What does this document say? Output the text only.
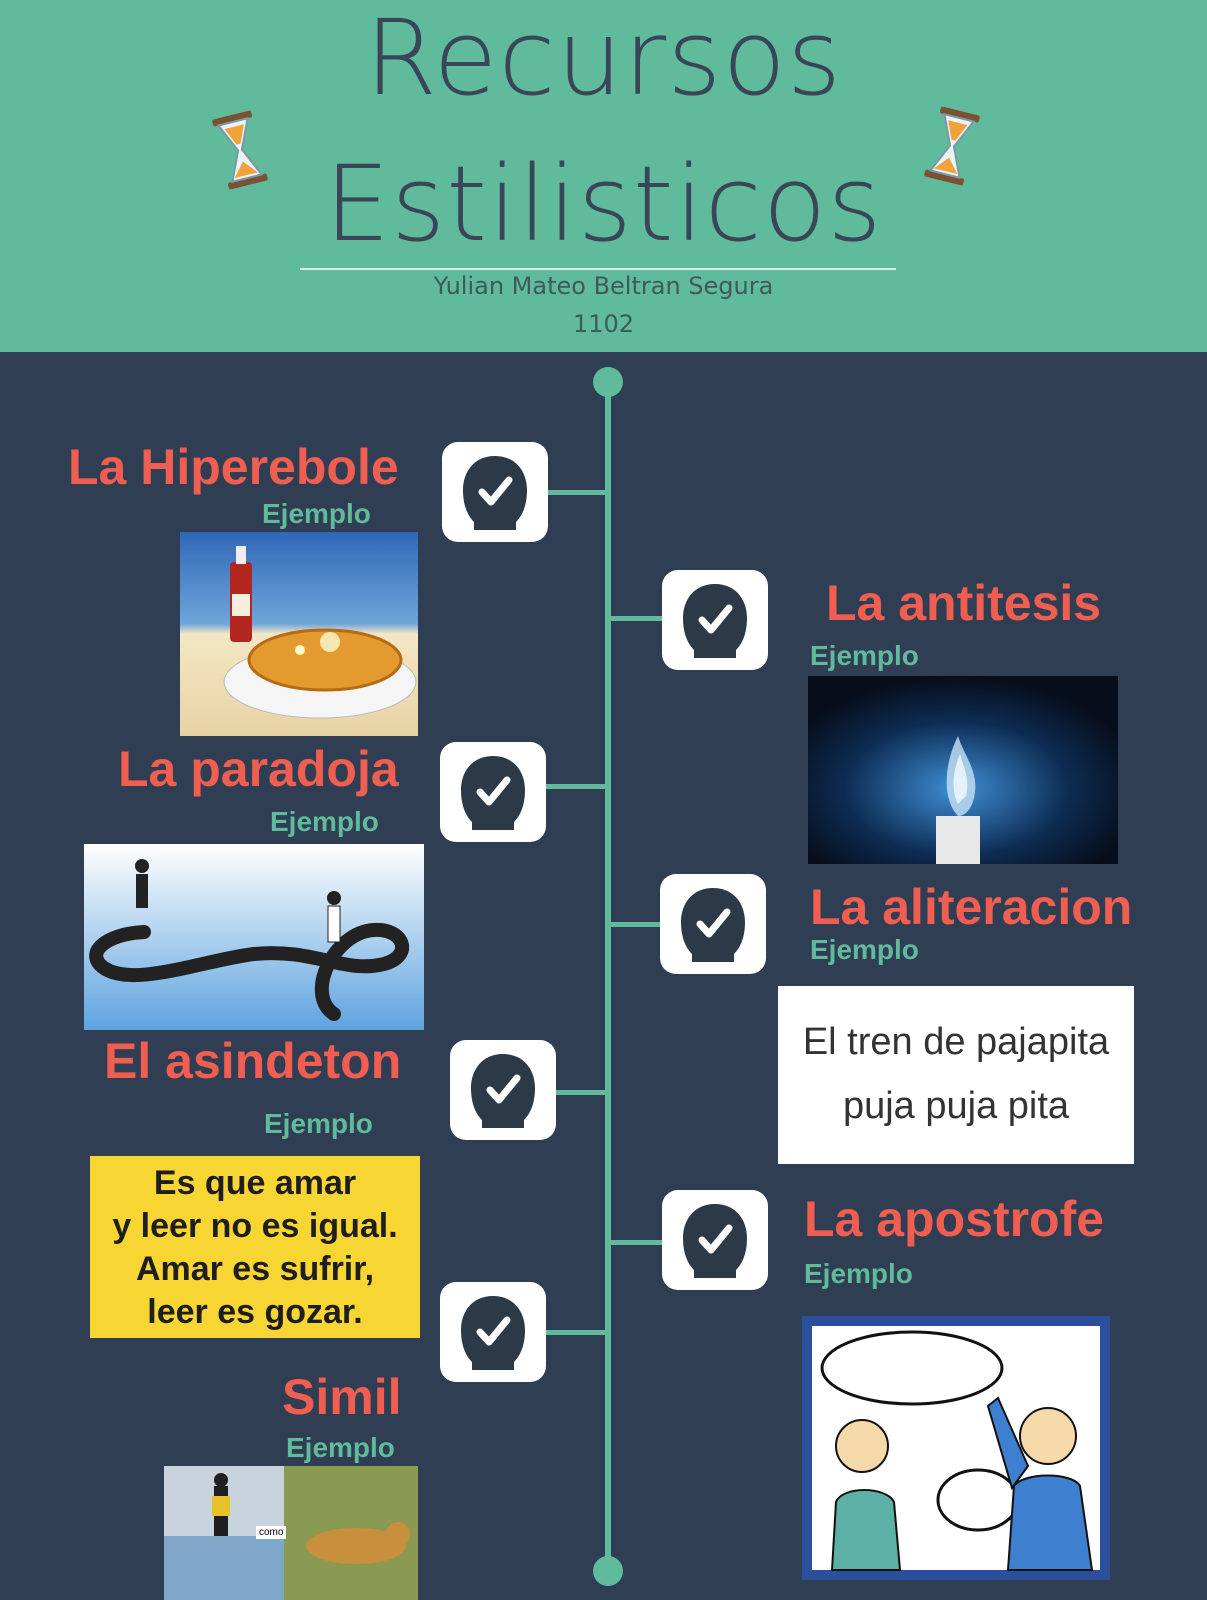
Recursos
Estilisticos
Yulian Mateo Beltran Segura
1102
La Hiperebole
Ejemplo
La antitesis
Ejemplo
La paradoja
Ejemplo
La aliteracion
Ejemplo
El tren de pajapita
puja puja pita
El asindeton
Ejemplo
Es que amar
y leer no es igual.
Amar es sufrir,
leer es gozar.
La apostrofe
Ejemplo
Simil
Ejemplo
como
